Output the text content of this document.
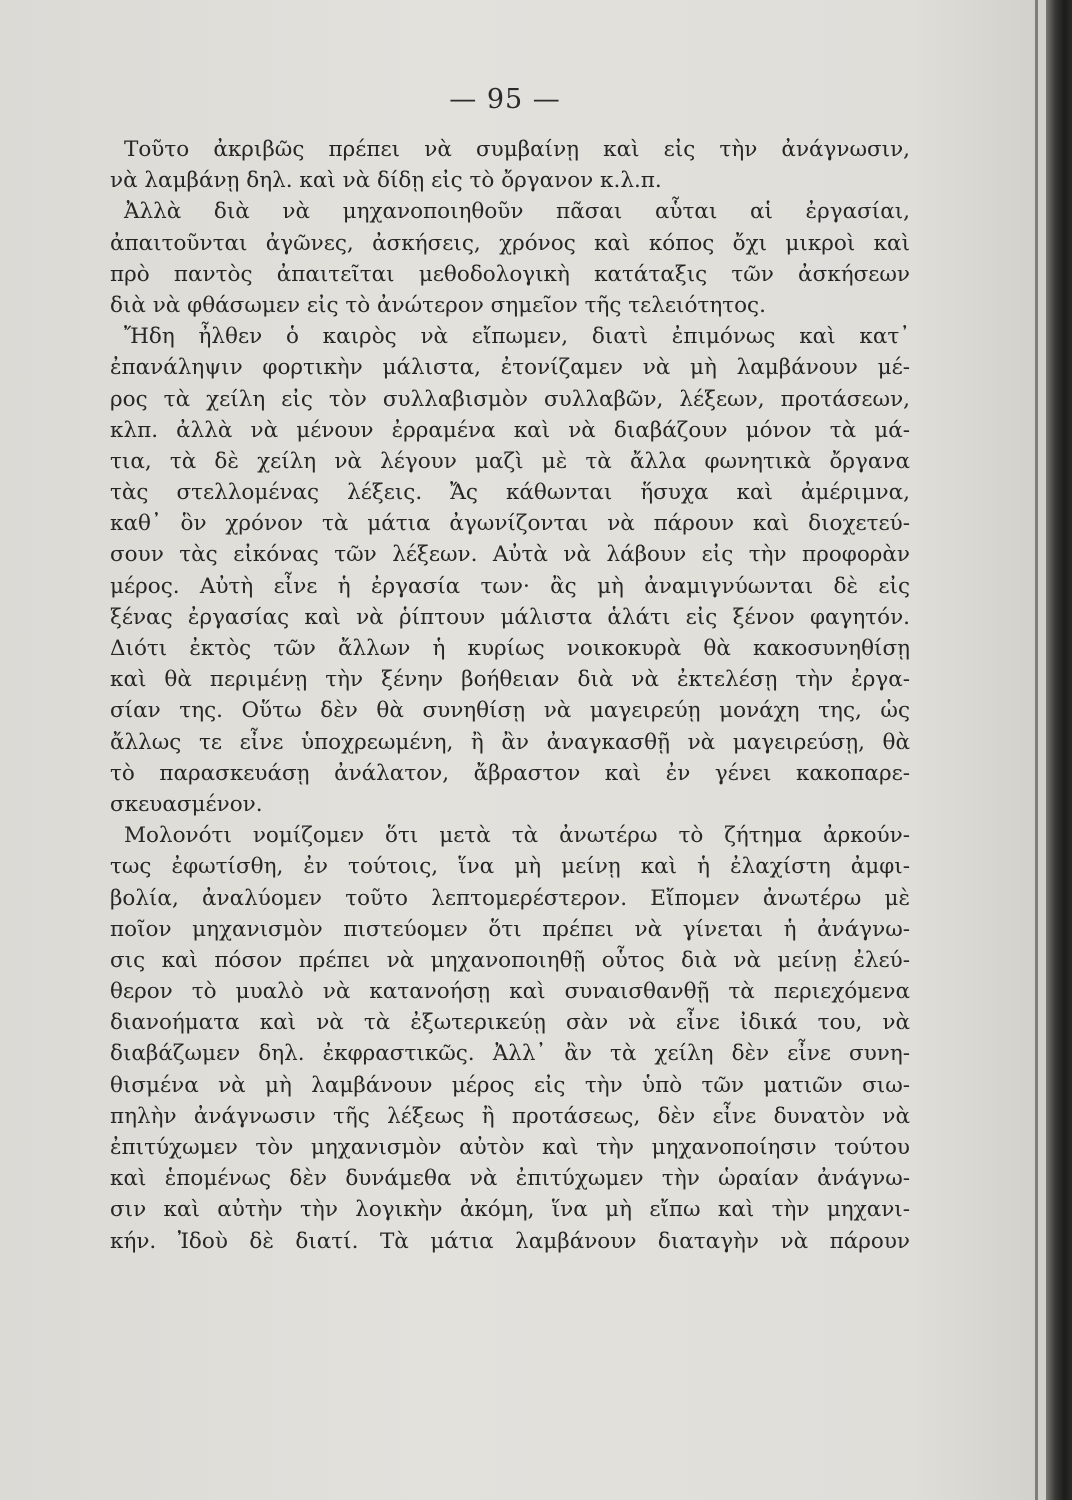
— 95 —
Τοῦτο ἀκριβῶς πρέπει νὰ συμβαίνῃ καὶ εἰς τὴν ἀνάγνωσιν,
νὰ λαμβάνῃ δηλ. καὶ νὰ δίδῃ εἰς τὸ ὄργανον κ.λ.π.
Ἀλλὰ διὰ νὰ μηχανοποιηθοῦν πᾶσαι αὗται αἱ ἐργασίαι,
ἀπαιτοῦνται ἀγῶνες, ἀσκήσεις, χρόνος καὶ κόπος ὄχι μικροὶ καὶ
πρὸ παντὸς ἀπαιτεῖται μεθοδολογικὴ κατάταξις τῶν ἀσκήσεων
διὰ νὰ φθάσωμεν εἰς τὸ ἀνώτερον σημεῖον τῆς τελειότητος.
Ἤδη ἦλθεν ὁ καιρὸς νὰ εἴπωμεν, διατὶ ἐπιμόνως καὶ κατ᾽
ἐπανάληψιν φορτικὴν μάλιστα, ἐτονίζαμεν νὰ μὴ λαμβάνουν μέ-
ρος τὰ χείλη εἰς τὸν συλλαβισμὸν συλλαβῶν, λέξεων, προτάσεων,
κλπ. ἀλλὰ νὰ μένουν ἐρραμένα καὶ νὰ διαβάζουν μόνον τὰ μά-
τια, τὰ δὲ χείλη νὰ λέγουν μαζὶ μὲ τὰ ἄλλα φωνητικὰ ὄργανα
τὰς στελλομένας λέξεις. Ἄς κάθωνται ἥσυχα καὶ ἀμέριμνα,
καθ᾽ ὃν χρόνον τὰ μάτια ἀγωνίζονται νὰ πάρουν καὶ διοχετεύ-
σουν τὰς εἰκόνας τῶν λέξεων. Αὐτὰ νὰ λάβουν εἰς τὴν προφορὰν
μέρος. Αὐτὴ εἶνε ἡ ἐργασία των· ἂς μὴ ἀναμιγνύωνται δὲ εἰς
ξένας ἐργασίας καὶ νὰ ῥίπτουν μάλιστα ἁλάτι εἰς ξένον φαγητόν.
Διότι ἐκτὸς τῶν ἄλλων ἡ κυρίως νοικοκυρὰ θὰ κακοσυνηθίσῃ
καὶ θὰ περιμένῃ τὴν ξένην βοήθειαν διὰ νὰ ἐκτελέσῃ τὴν ἐργα-
σίαν της. Οὕτω δὲν θὰ συνηθίσῃ νὰ μαγειρεύῃ μονάχη της, ὡς
ἄλλως τε εἶνε ὑποχρεωμένη, ἢ ἂν ἀναγκασθῇ νὰ μαγειρεύσῃ, θὰ
τὸ παρασκευάσῃ ἀνάλατον, ἄβραστον καὶ ἐν γένει κακοπαρε-
σκευασμένον.
Μολονότι νομίζομεν ὅτι μετὰ τὰ ἀνωτέρω τὸ ζήτημα ἀρκούν-
τως ἐφωτίσθη, ἐν τούτοις, ἵνα μὴ μείνῃ καὶ ἡ ἐλαχίστη ἀμφι-
βολία, ἀναλύομεν τοῦτο λεπτομερέστερον. Εἴπομεν ἀνωτέρω μὲ
ποῖον μηχανισμὸν πιστεύομεν ὅτι πρέπει νὰ γίνεται ἡ ἀνάγνω-
σις καὶ πόσον πρέπει νὰ μηχανοποιηθῇ οὗτος διὰ νὰ μείνῃ ἐλεύ-
θερον τὸ μυαλὸ νὰ κατανοήσῃ καὶ συναισθανθῇ τὰ περιεχόμενα
διανοήματα καὶ νὰ τὰ ἐξωτερικεύῃ σὰν νὰ εἶνε ἰδικά του, νὰ
διαβάζωμεν δηλ. ἐκφραστικῶς. Ἀλλ᾽ ἂν τὰ χείλη δὲν εἶνε συνη-
θισμένα νὰ μὴ λαμβάνουν μέρος εἰς τὴν ὑπὸ τῶν ματιῶν σιω-
πηλὴν ἀνάγνωσιν τῆς λέξεως ἢ προτάσεως, δὲν εἶνε δυνατὸν νὰ
ἐπιτύχωμεν τὸν μηχανισμὸν αὐτὸν καὶ τὴν μηχανοποίησιν τούτου
καὶ ἑπομένως δὲν δυνάμεθα νὰ ἐπιτύχωμεν τὴν ὡραίαν ἀνάγνω-
σιν καὶ αὐτὴν τὴν λογικὴν ἀκόμη, ἵνα μὴ εἴπω καὶ τὴν μηχανι-
κήν. Ἰδοὺ δὲ διατί. Τὰ μάτια λαμβάνουν διαταγὴν νὰ πάρουν
